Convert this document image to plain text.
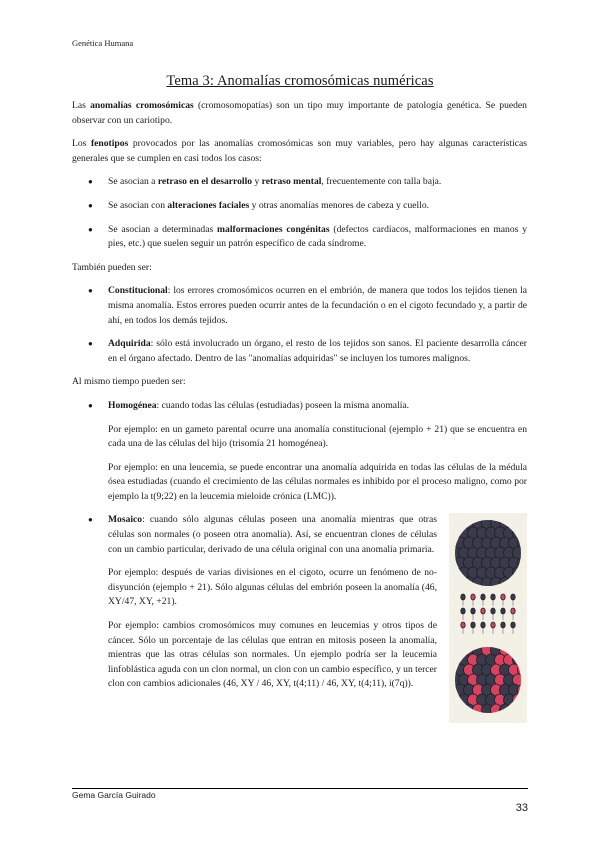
Genética Humana
Tema 3: Anomalías cromosómicas numéricas

Las anomalías cromosómicas (cromosomopatías) son un tipo muy importante de patología genética. Se pueden observar con un cariotipo.

Los fenotipos provocados por las anomalías cromosómicas son muy variables, pero hay algunas características generales que se cumplen en casi todos los casos:

● Se asocian a retraso en el desarrollo y retraso mental, frecuentemente con talla baja.
● Se asocian con alteraciones faciales y otras anomalías menores de cabeza y cuello.
● Se asocian a determinadas malformaciones congénitas (defectos cardíacos, malformaciones en manos y pies, etc.) que suelen seguir un patrón específico de cada síndrome.

También pueden ser:

● Constitucional: los errores cromosómicos ocurren en el embrión, de manera que todos los tejidos tienen la misma anomalía. Estos errores pueden ocurrir antes de la fecundación o en el cigoto fecundado y, a partir de ahí, en todos los demás tejidos.
● Adquirida: sólo está involucrado un órgano, el resto de los tejidos son sanos. El paciente desarrolla cáncer en el órgano afectado. Dentro de las "anomalías adquiridas" se incluyen los tumores malignos.

Al mismo tiempo pueden ser:

● Homogénea: cuando todas las células (estudiadas) poseen la misma anomalía.

Por ejemplo: en un gameto parental ocurre una anomalía constitucional (ejemplo + 21) que se encuentra en cada una de las células del hijo (trisomía 21 homogénea).

Por ejemplo: en una leucemia, se puede encontrar una anomalía adquirida en todas las células de la médula ósea estudiadas (cuando el crecimiento de las células normales es inhibido por el proceso maligno, como por ejemplo la t(9;22) en la leucemia mieloide crónica (LMC)).

● Mosaico: cuando sólo algunas células poseen una anomalía mientras que otras células son normales (o poseen otra anomalía). Así, se encuentran clones de células con un cambio particular, derivado de una célula original con una anomalía primaria.

Por ejemplo: después de varias divisiones en el cigoto, ocurre un fenómeno de no-disyunción (ejemplo + 21). Sólo algunas células del embrión poseen la anomalía (46, XY/47, XY, +21).

Por ejemplo: cambios cromosómicos muy comunes en leucemias y otros tipos de cáncer. Sólo un porcentaje de las células que entran en mitosis poseen la anomalía, mientras que las otras células son normales. Un ejemplo podría ser la leucemia linfoblástica aguda con un clon normal, un clon con un cambio específico, y un tercer clon con cambios adicionales (46, XY / 46, XY, t(4;11) / 46, XY, t(4;11), i(7q)).

Gema García Guirado
33
